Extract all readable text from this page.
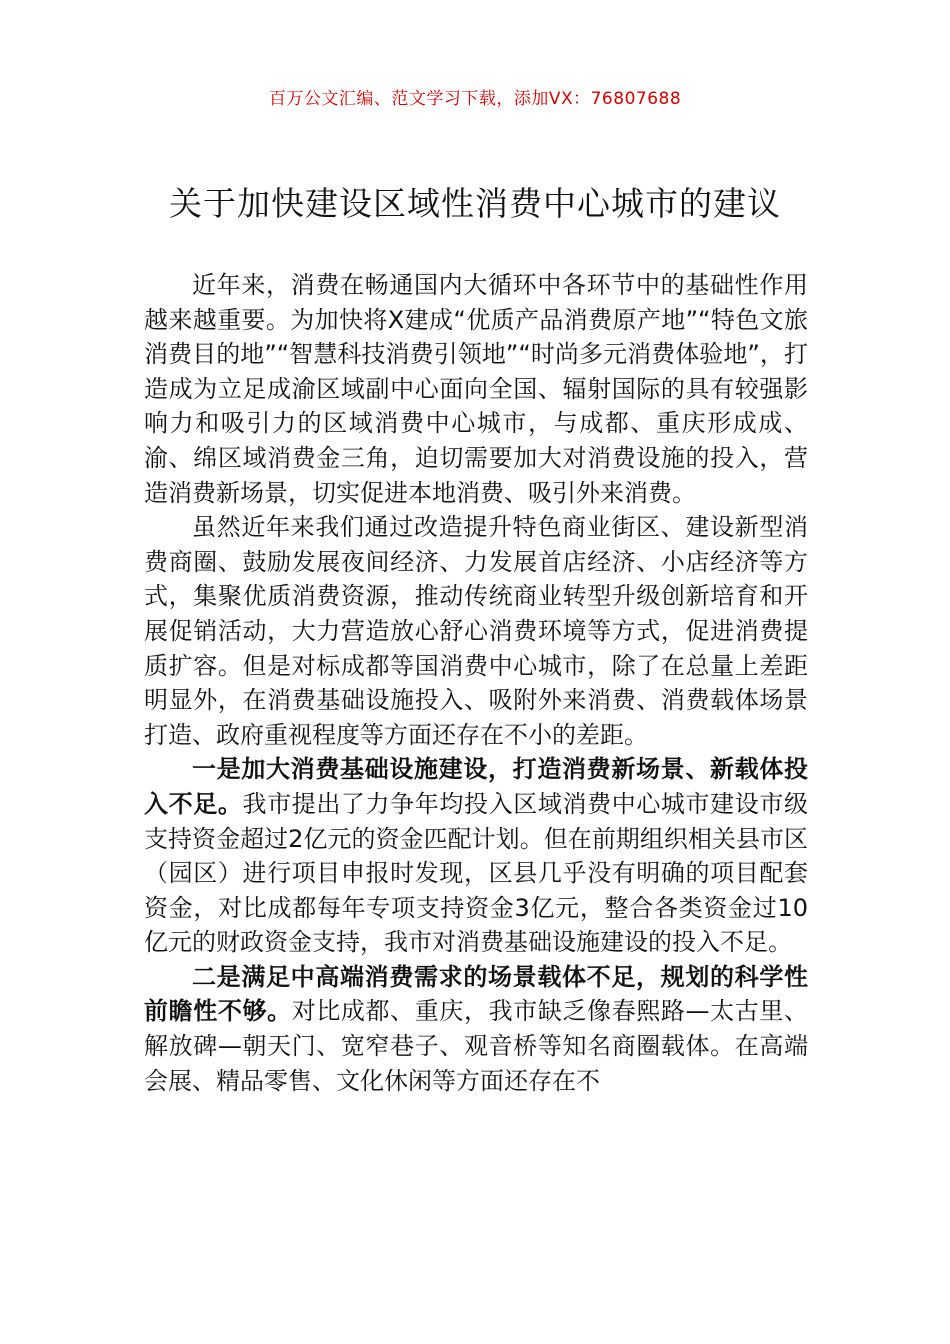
百万公文汇编、范文学习下载，添加VX：76807688
关于加快建设区域性消费中心城市的建议

近年来，消费在畅通国内大循环中各环节中的基础性作用越来越重要。为加快将X建成“优质产品消费原产地”“特色文旅消费目的地”“智慧科技消费引领地”“时尚多元消费体验地”，打造成为立足成渝区域副中心面向全国、辐射国际的具有较强影响力和吸引力的区域消费中心城市，与成都、重庆形成成、渝、绵区域消费金三角，迫切需要加大对消费设施的投入，营造消费新场景，切实促进本地消费、吸引外来消费。

虽然近年来我们通过改造提升特色商业街区、建设新型消费商圈、鼓励发展夜间经济、力发展首店经济、小店经济等方式，集聚优质消费资源，推动传统商业转型升级创新培育和开展促销活动，大力营造放心舒心消费环境等方式，促进消费提质扩容。但是对标成都等国消费中心城市，除了在总量上差距明显外，在消费基础设施投入、吸附外来消费、消费载体场景打造、政府重视程度等方面还存在不小的差距。

一是加大消费基础设施建设，打造消费新场景、新载体投入不足。我市提出了力争年均投入区域消费中心城市建设市级支持资金超过2亿元的资金匹配计划。但在前期组织相关县市区（园区）进行项目申报时发现，区县几乎没有明确的项目配套资金，对比成都每年专项支持资金3亿元，整合各类资金过10亿元的财政资金支持，我市对消费基础设施建设的投入不足。

二是满足中高端消费需求的场景载体不足，规划的科学性前瞻性不够。对比成都、重庆，我市缺乏像春熙路—太古里、解放碑—朝天门、宽窄巷子、观音桥等知名商圈载体。在高端会展、精品零售、文化休闲等方面还存在不
